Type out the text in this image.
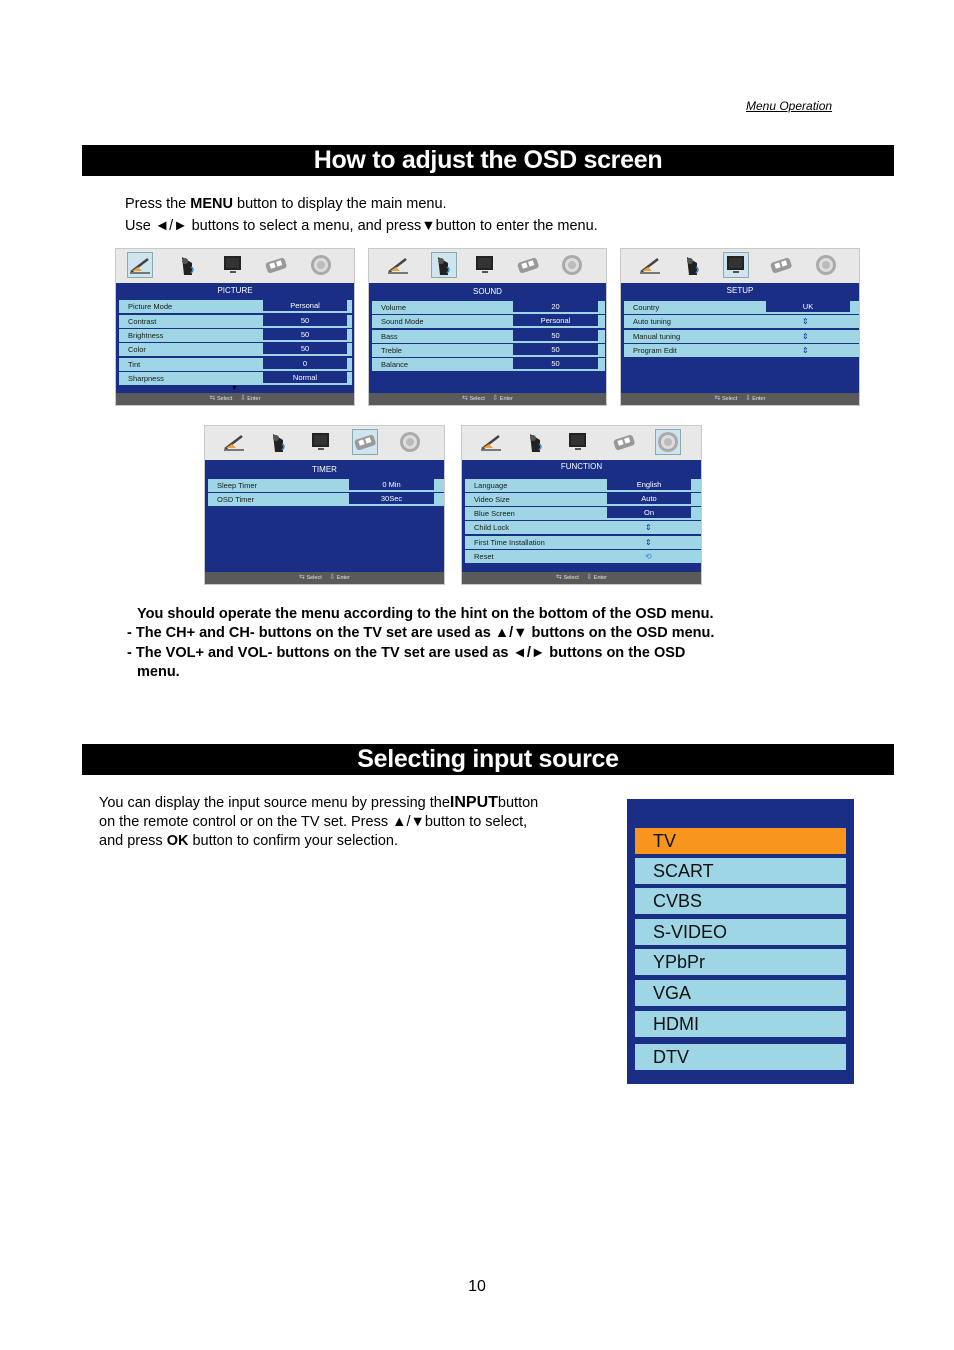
Menu Operation
How to adjust the OSD screen
Press the MENU button to display the main menu.
Use ◄/► buttons to select a menu, and press▼button to enter the menu.
PICTURE
Picture Mode	Personal
Contrast	50
Brightness	50
Color	50
Tint	0
Sharpness	Normal
▼
⇆ Select ⇩ Enter
SOUND
Volume	20
Sound Mode	Personal
Bass	50
Treble	50
Balance	50
⇆ Select ⇩ Enter
SETUP
Country	UK
Auto tuning	⇕
Manual tuning	⇕
Program Edit	⇕
⇆ Select ⇩ Enter
TIMER
Sleep Timer	0 Min
OSD Timer	30Sec
⇆ Select ⇩ Enter
FUNCTION
Language	English
Video Size	Auto
Blue Screen	On
Child Lock	⇕
First Time Installation	⇕
Reset	⟲
⇆ Select ⇩ Enter
You should operate the menu according to the hint on the bottom of the OSD menu.
- The CH+ and CH- buttons on the TV set are used as ▲/▼ buttons on the OSD menu.
- The VOL+ and VOL- buttons on the TV set are used as ◄/► buttons on the OSD
menu.
Selecting input source
You can display the input source menu by pressing theINPUTbutton
on the remote control or on the TV set. Press ▲/▼button to select,
and press OK button to confirm your selection.	TV
SCART
CVBS
S-VIDEO
YPbPr
VGA
HDMI
DTV
10
